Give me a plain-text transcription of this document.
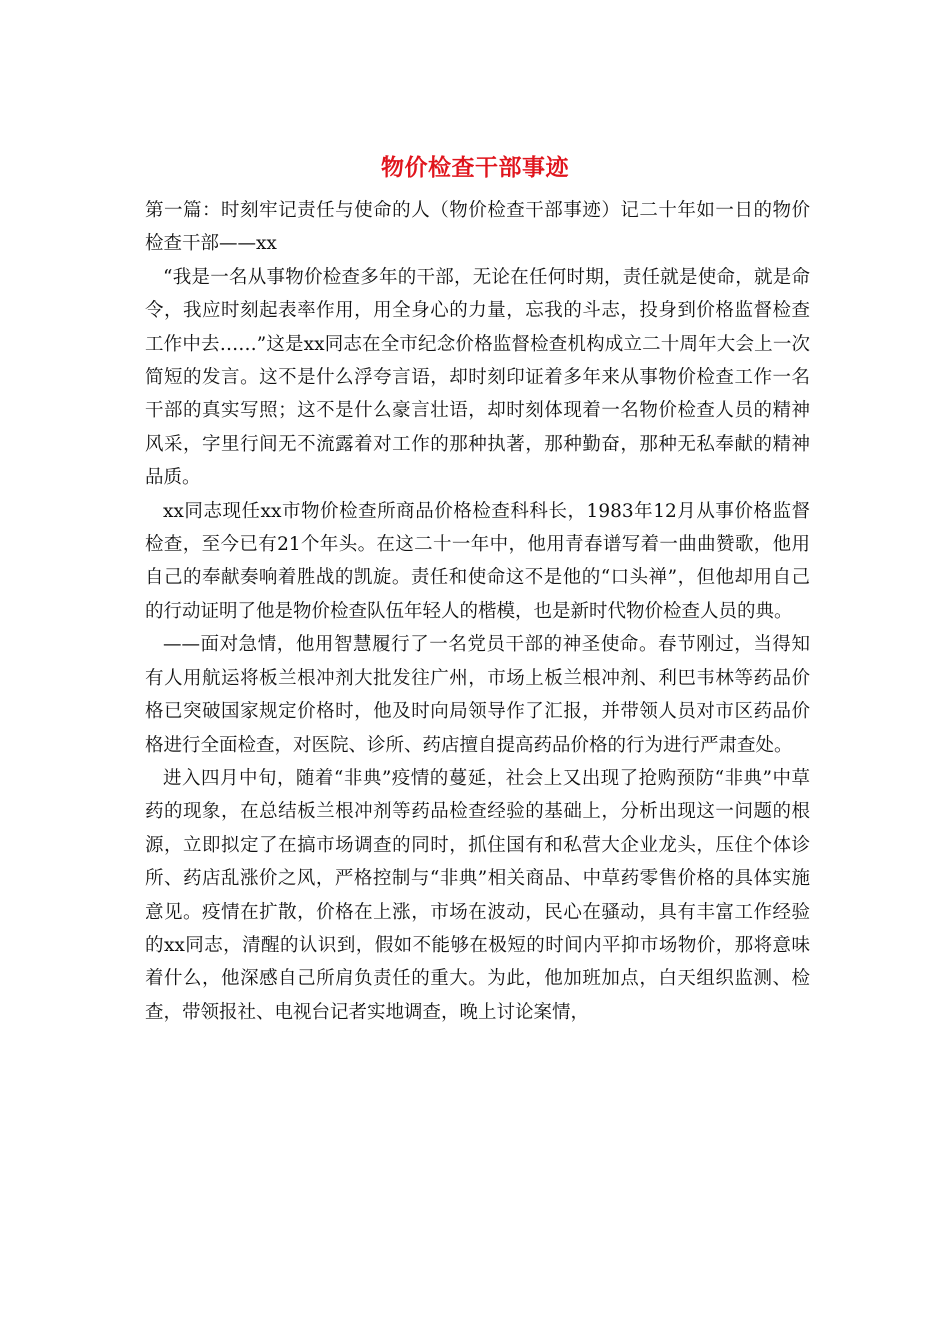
物价检查干部事迹

第一篇：时刻牢记责任与使命的人（物价检查干部事迹）记二十年如一日的物价检查干部——xx

“我是一名从事物价检查多年的干部，无论在任何时期，责任就是使命，就是命令，我应时刻起表率作用，用全身心的力量，忘我的斗志，投身到价格监督检查工作中去……”这是xx同志在全市纪念价格监督检查机构成立二十周年大会上一次简短的发言。这不是什么浮夸言语，却时刻印证着多年来从事物价检查工作一名干部的真实写照；这不是什么豪言壮语，却时刻体现着一名物价检查人员的精神风采，字里行间无不流露着对工作的那种执著，那种勤奋，那种无私奉献的精神品质。

xx同志现任xx市物价检查所商品价格检查科科长，1983年12月从事价格监督检查，至今已有21个年头。在这二十一年中，他用青春谱写着一曲曲赞歌，他用自己的奉献奏响着胜战的凯旋。责任和使命这不是他的“口头禅”，但他却用自己的行动证明了他是物价检查队伍年轻人的楷模，也是新时代物价检查人员的典。

——面对急情，他用智慧履行了一名党员干部的神圣使命。春节刚过，当得知有人用航运将板兰根冲剂大批发往广州，市场上板兰根冲剂、利巴韦林等药品价格已突破国家规定价格时，他及时向局领导作了汇报，并带领人员对市区药品价格进行全面检查，对医院、诊所、药店擅自提高药品价格的行为进行严肃查处。

进入四月中旬，随着“非典”疫情的蔓延，社会上又出现了抢购预防“非典”中草药的现象，在总结板兰根冲剂等药品检查经验的基础上，分析出现这一问题的根源，立即拟定了在搞市场调查的同时，抓住国有和私营大企业龙头，压住个体诊所、药店乱涨价之风，严格控制与“非典”相关商品、中草药零售价格的具体实施意见。疫情在扩散，价格在上涨，市场在波动，民心在骚动，具有丰富工作经验的xx同志，清醒的认识到，假如不能够在极短的时间内平抑市场物价，那将意味着什么，他深感自己所肩负责任的重大。为此，他加班加点，白天组织监测、检查，带领报社、电视台记者实地调查，晚上讨论案情，
